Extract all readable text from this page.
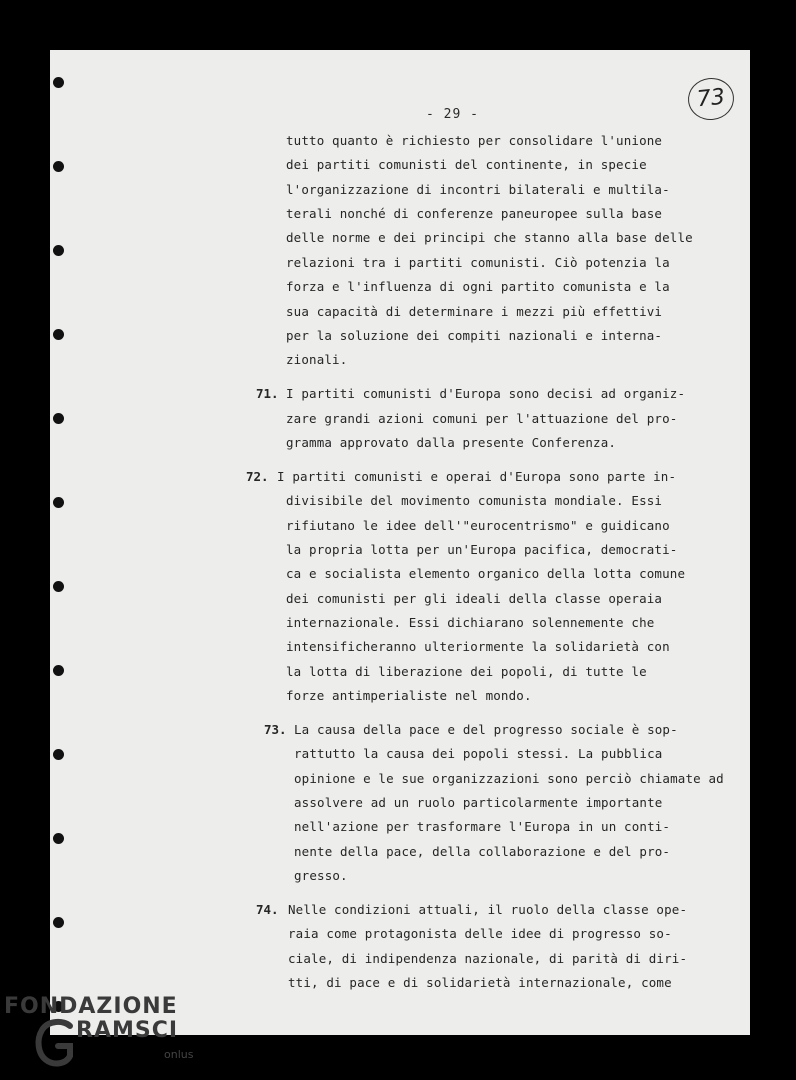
- 29 -
73
tutto quanto è richiesto per consolidare l'unione
dei partiti comunisti del continente, in specie
l'organizzazione di incontri bilaterali e multila-
terali nonché di conferenze paneuropee sulla base
delle norme e dei principi che stanno alla base delle
relazioni tra i partiti comunisti. Ciò potenzia la
forza e l'influenza di ogni partito comunista e la
sua capacità di determinare i mezzi più effettivi
per la soluzione dei compiti nazionali e interna-
zionali.
71. I partiti comunisti d'Europa sono decisi ad organiz-
zare grandi azioni comuni per l'attuazione del pro-
gramma approvato dalla presente Conferenza.
72. I partiti comunisti e operai d'Europa sono parte in-
divisibile del movimento comunista mondiale. Essi
rifiutano le idee dell'"eurocentrismo" e guidicano
la propria lotta per un'Europa pacifica, democrati-
ca e socialista elemento organico della lotta comune
dei comunisti per gli ideali della classe operaia
internazionale. Essi dichiarano solennemente che
intensificheranno ulteriormente la solidarietà con
la lotta di liberazione dei popoli, di tutte le
forze antimperialiste nel mondo.
73. La causa della pace e del progresso sociale è sop-
rattutto la causa dei popoli stessi. La pubblica
opinione e le sue organizzazioni sono perciò chiamate ad
assolvere ad un ruolo particolarmente importante
nell'azione per trasformare l'Europa in un conti-
nente della pace, della collaborazione e del pro-
gresso.
74. Nelle condizioni attuali, il ruolo della classe ope-
raia come protagonista delle idee di progresso so-
ciale, di indipendenza nazionale, di parità di diri-
tti, di pace e di solidarietà internazionale, come
FONDAZIONE
RAMSCI
onlus
